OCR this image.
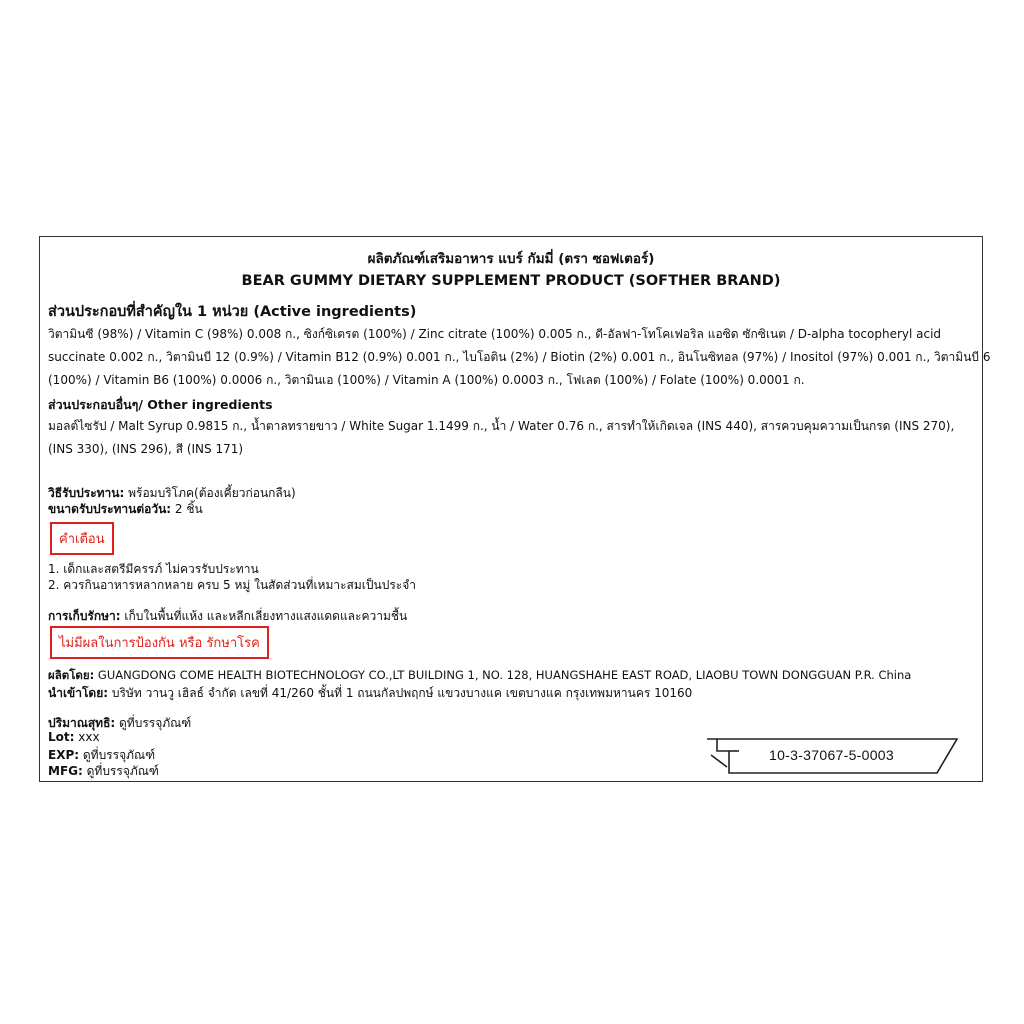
ผลิตภัณฑ์เสริมอาหาร แบร์ กัมมี่ (ตรา ซอฟเตอร์)
BEAR GUMMY DIETARY SUPPLEMENT PRODUCT (SOFTHER BRAND)
ส่วนประกอบที่สำคัญใน 1 หน่วย (Active ingredients)
วิตามินซี (98%) / Vitamin C (98%) 0.008 ก., ซิงก์ซิเตรต (100%) / Zinc citrate (100%) 0.005 ก., ดี-อัลฟา-โทโคเฟอริล แอซิด ซักซิเนต / D-alpha tocopheryl acid
succinate 0.002 ก., วิตามินบี 12 (0.9%) / Vitamin B12 (0.9%) 0.001 ก., ไบโอติน (2%) / Biotin (2%) 0.001 ก., อินโนซิทอล (97%) / Inositol (97%) 0.001 ก., วิตามินบี 6
(100%) / Vitamin B6 (100%) 0.0006 ก., วิตามินเอ (100%) / Vitamin A (100%) 0.0003 ก., โฟเลต (100%) / Folate (100%) 0.0001 ก.
ส่วนประกอบอื่นๆ/ Other ingredients
มอลต์ไซรัป / Malt Syrup 0.9815 ก., น้ำตาลทรายขาว / White Sugar 1.1499 ก., น้ำ / Water 0.76 ก., สารทำให้เกิดเจล (INS 440), สารควบคุมความเป็นกรด (INS 270),
(INS 330), (INS 296), สี (INS 171)
วิธีรับประทาน: พร้อมบริโภค(ต้องเคี้ยวก่อนกลืน)
ขนาดรับประทานต่อวัน: 2 ชิ้น
คำเตือน
1. เด็กและสตรีมีครรภ์ ไม่ควรรับประทาน
2. ควรกินอาหารหลากหลาย ครบ 5 หมู่ ในสัดส่วนที่เหมาะสมเป็นประจำ
การเก็บรักษา: เก็บในพื้นที่แห้ง และหลีกเลี่ยงทางแสงแดดและความชื้น
ไม่มีผลในการป้องกัน หรือ รักษาโรค
ผลิตโดย: GUANGDONG COME HEALTH BIOTECHNOLOGY CO.,LT BUILDING 1, NO. 128, HUANGSHAHE EAST ROAD, LIAOBU TOWN DONGGUAN P.R. China
นำเข้าโดย: บริษัท วานวู เฮิลธ์ จำกัด เลขที่ 41/260 ชั้นที่ 1 ถนนกัลปพฤกษ์ แขวงบางแค เขตบางแค กรุงเทพมหานคร 10160
ปริมาณสุทธิ: ดูที่บรรจุภัณฑ์
Lot: xxx
EXP: ดูที่บรรจุภัณฑ์
MFG: ดูที่บรรจุภัณฑ์
10-3-37067-5-0003
